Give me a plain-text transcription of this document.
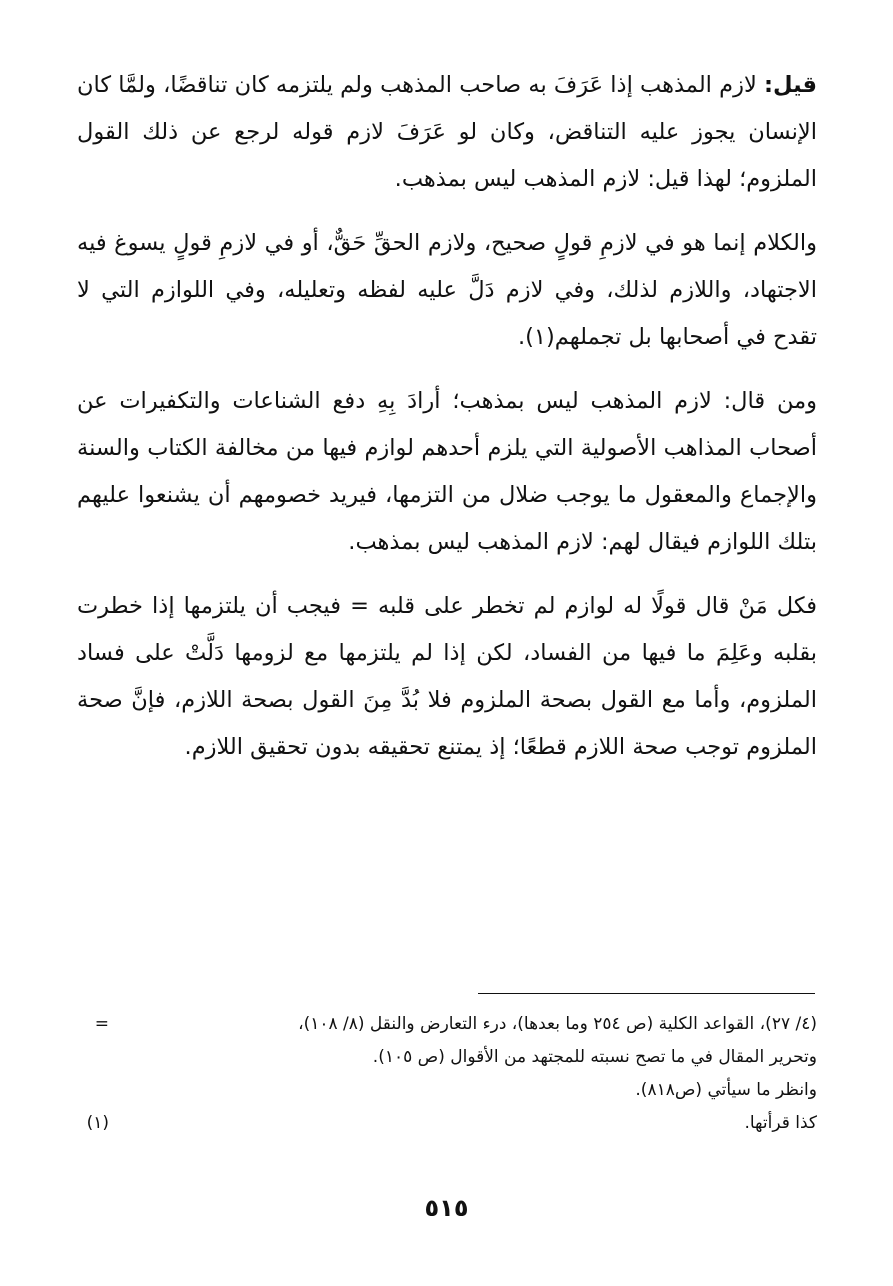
قيل: لازم المذهب إذا عَرَفَ به صاحب المذهب ولم يلتزمه كان تناقضًا، ولمَّا كان الإنسان يجوز عليه التناقض، وكان لو عَرَفَ لازم قوله لرجع عن ذلك القول الملزوم؛ لهذا قيل: لازم المذهب ليس بمذهب.

والكلام إنما هو في لازمِ قولٍ صحيح، ولازم الحقِّ حَقٌّ، أو في لازمِ قولٍ يسوغ فيه الاجتهاد، واللازم لذلك، وفي لازم دَلَّ عليه لفظه وتعليله، وفي اللوازم التي لا تقدح في أصحابها بل تجملهم(١).

ومن قال: لازم المذهب ليس بمذهب؛ أرادَ بِهِ دفع الشناعات والتكفيرات عن أصحاب المذاهب الأصولية التي يلزم أحدهم لوازم فيها من مخالفة الكتاب والسنة والإجماع والمعقول ما يوجب ضلال من التزمها، فيريد خصومهم أن يشنعوا عليهم بتلك اللوازم فيقال لهم: لازم المذهب ليس بمذهب.

فكل مَنْ قال قولًا له لوازم لم تخطر على قلبه = فيجب أن يلتزمها إذا خطرت بقلبه وعَلِمَ ما فيها من الفساد، لكن إذا لم يلتزمها مع لزومها دَلَّتْ على فساد الملزوم، وأما مع القول بصحة الملزوم فلا بُدَّ مِنَ القول بصحة اللازم، فإنَّ صحة الملزوم توجب صحة اللازم قطعًا؛ إذ يمتنع تحقيقه بدون تحقيق اللازم.

(٤/ ٢٧)، القواعد الكلية (ص ٢٥٤ وما بعدها)، درء التعارض والنقل (٨/ ١٠٨)،
=
وتحرير المقال في ما تصح نسبته للمجتهد من الأقوال (ص ١٠٥).
وانظر ما سيأتي (ص٨١٨).
كذا قرأتها.
(١)
٥١٥
